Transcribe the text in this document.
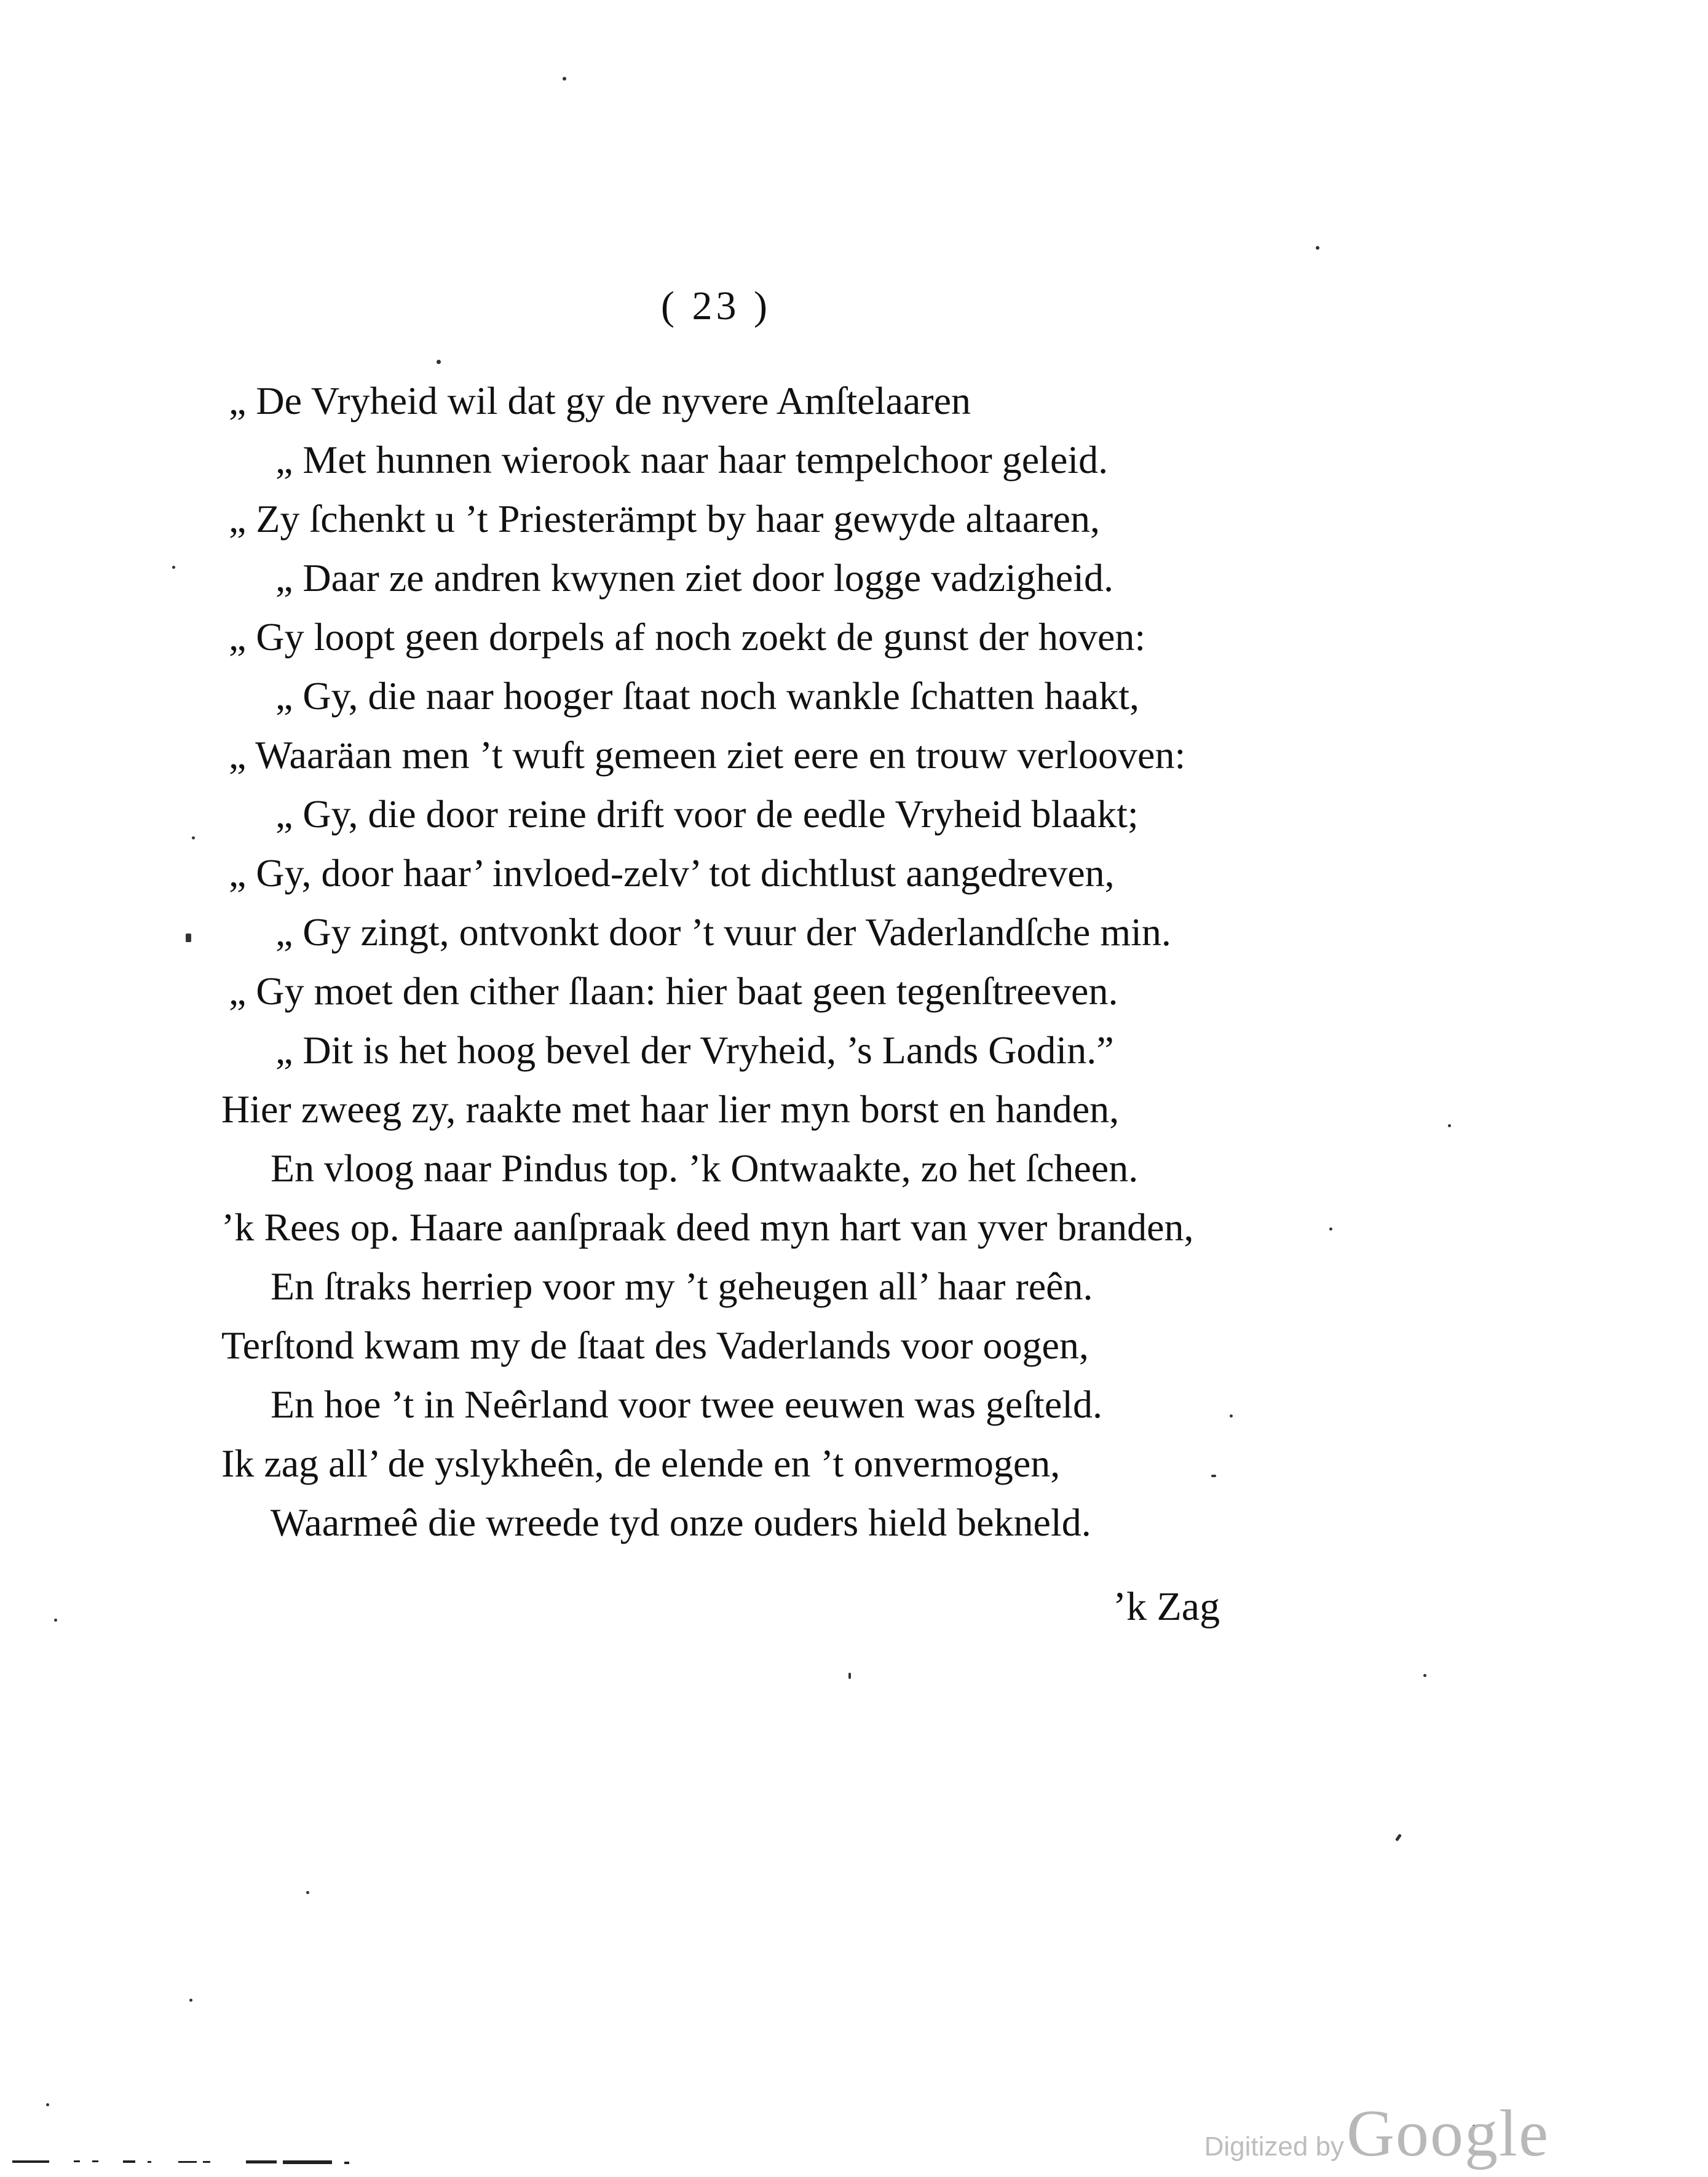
( 23 )
„ De Vryheid wil dat gy de nyvere Amſtelaaren
„ Met hunnen wierook naar haar tempelchoor geleid.
„ Zy ſchenkt u ’t Priesterämpt by haar gewyde altaaren,
„ Daar ze andren kwynen ziet door logge vadzigheid.
„ Gy loopt geen dorpels af noch zoekt de gunst der hoven:
„ Gy, die naar hooger ſtaat noch wankle ſchatten haakt,
„ Waaräan men ’t wuft gemeen ziet eere en trouw verlooven:
„ Gy, die door reine drift voor de eedle Vryheid blaakt;
„ Gy, door haar’ invloed-zelv’ tot dichtlust aangedreven,
„ Gy zingt, ontvonkt door ’t vuur der Vaderlandſche min.
„ Gy moet den cither ſlaan: hier baat geen tegenſtreeven.
„ Dit is het hoog bevel der Vryheid, ’s Lands Godin.”
Hier zweeg zy, raakte met haar lier myn borst en handen,
En vloog naar Pindus top. ’k Ontwaakte, zo het ſcheen.
’k Rees op. Haare aanſpraak deed myn hart van yver branden,
En ſtraks herriep voor my ’t geheugen all’ haar reên.
Terſtond kwam my de ſtaat des Vaderlands voor oogen,
En hoe ’t in Neêrland voor twee eeuwen was geſteld.
Ik zag all’ de yslykheên, de elende en ’t onvermogen,
Waarmeê die wreede tyd onze ouders hield bekneld.
’k Zag
Digitized by Google
